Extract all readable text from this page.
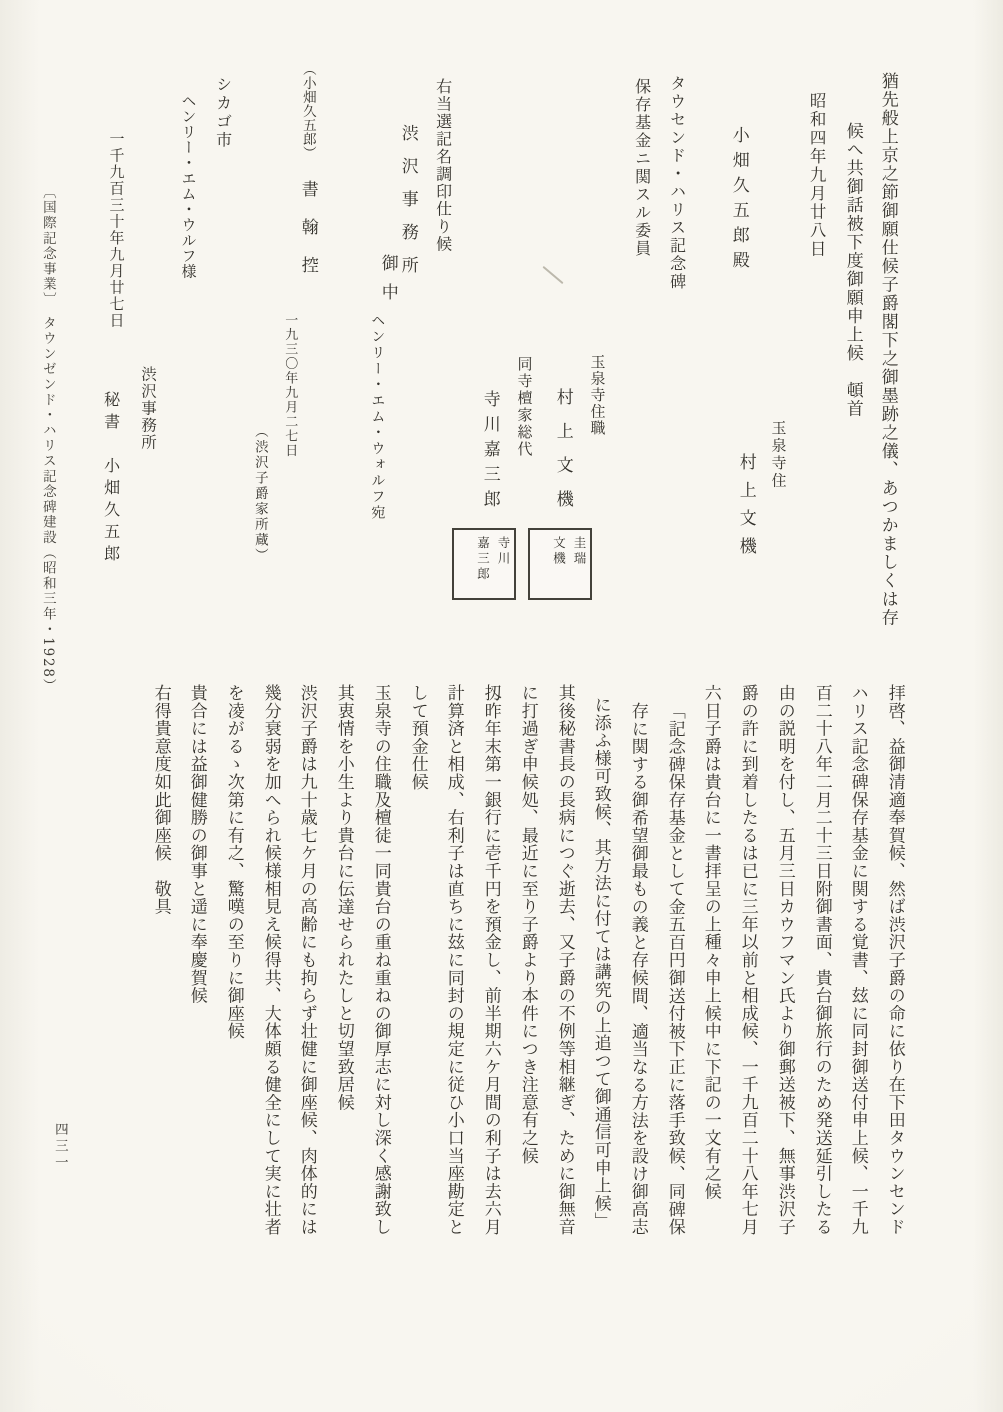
猶先般上京之節御願仕候子爵閣下之御墨跡之儀、あつかましくは存
候へ共御話被下度御願申上候　頓首
昭和四年九月廿八日
玉泉寺住
村上文機
小畑久五郎殿
タウセンド・ハリス記念碑
保存基金ニ関スル委員
玉泉寺住職
村上文機
圭瑞
文機
同寺檀家総代
寺川嘉三郎
寺川
嘉三郎
右当選記名調印仕り候
渋沢事務所
御中
（小畑久五郎）
書翰控
ヘンリー・エム・ウォルフ宛
一九三〇年九月二七日
（渋沢子爵家所蔵）
シカゴ市
ヘンリー・エム・ウルフ様
一千九百三十年九月廿七日
渋沢事務所
秘書　小畑久五郎
拝啓、益御清適奉賀候、然ば渋沢子爵の命に依り在下田タウンセンド
ハリス記念碑保存基金に関する覚書、玆に同封御送付申上候、一千九
百二十八年二月二十三日附御書面、貴台御旅行のため発送延引したる
由の説明を付し、五月三日カウフマン氏より御郵送被下、無事渋沢子
爵の許に到着したるは已に三年以前と相成候、一千九百二十八年七月
六日子爵は貴台に一書拝呈の上種々申上候中に下記の一文有之候
「記念碑保存基金として金五百円御送付被下正に落手致候、同碑保
存に関する御希望御最もの義と存候間、適当なる方法を設け御高志
に添ふ様可致候、其方法に付ては講究の上追つて御通信可申上候」
其後秘書長の長病につぐ逝去、又子爵の不例等相継ぎ、ために御無音
に打過ぎ申候処、最近に至り子爵より本件につき注意有之候
扨昨年末第一銀行に壱千円を預金し、前半期六ケ月間の利子は去六月
計算済と相成、右利子は直ちに玆に同封の規定に従ひ小口当座勘定と
して預金仕候
玉泉寺の住職及檀徒一同貴台の重ね重ねの御厚志に対し深く感謝致し
其衷情を小生より貴台に伝達せられたしと切望致居候
渋沢子爵は九十歳七ケ月の高齢にも拘らず壮健に御座候、肉体的には
幾分衰弱を加へられ候様相見え候得共、大体頗る健全にして実に壮者
を凌がるゝ次第に有之、驚嘆の至りに御座候
貴合には益御健勝の御事と遥に奉慶賀候
右得貴意度如此御座候　敬具
〔国際記念事業〕　タウンゼンド・ハリス記念碑建設（昭和三年・1928）
四三一
